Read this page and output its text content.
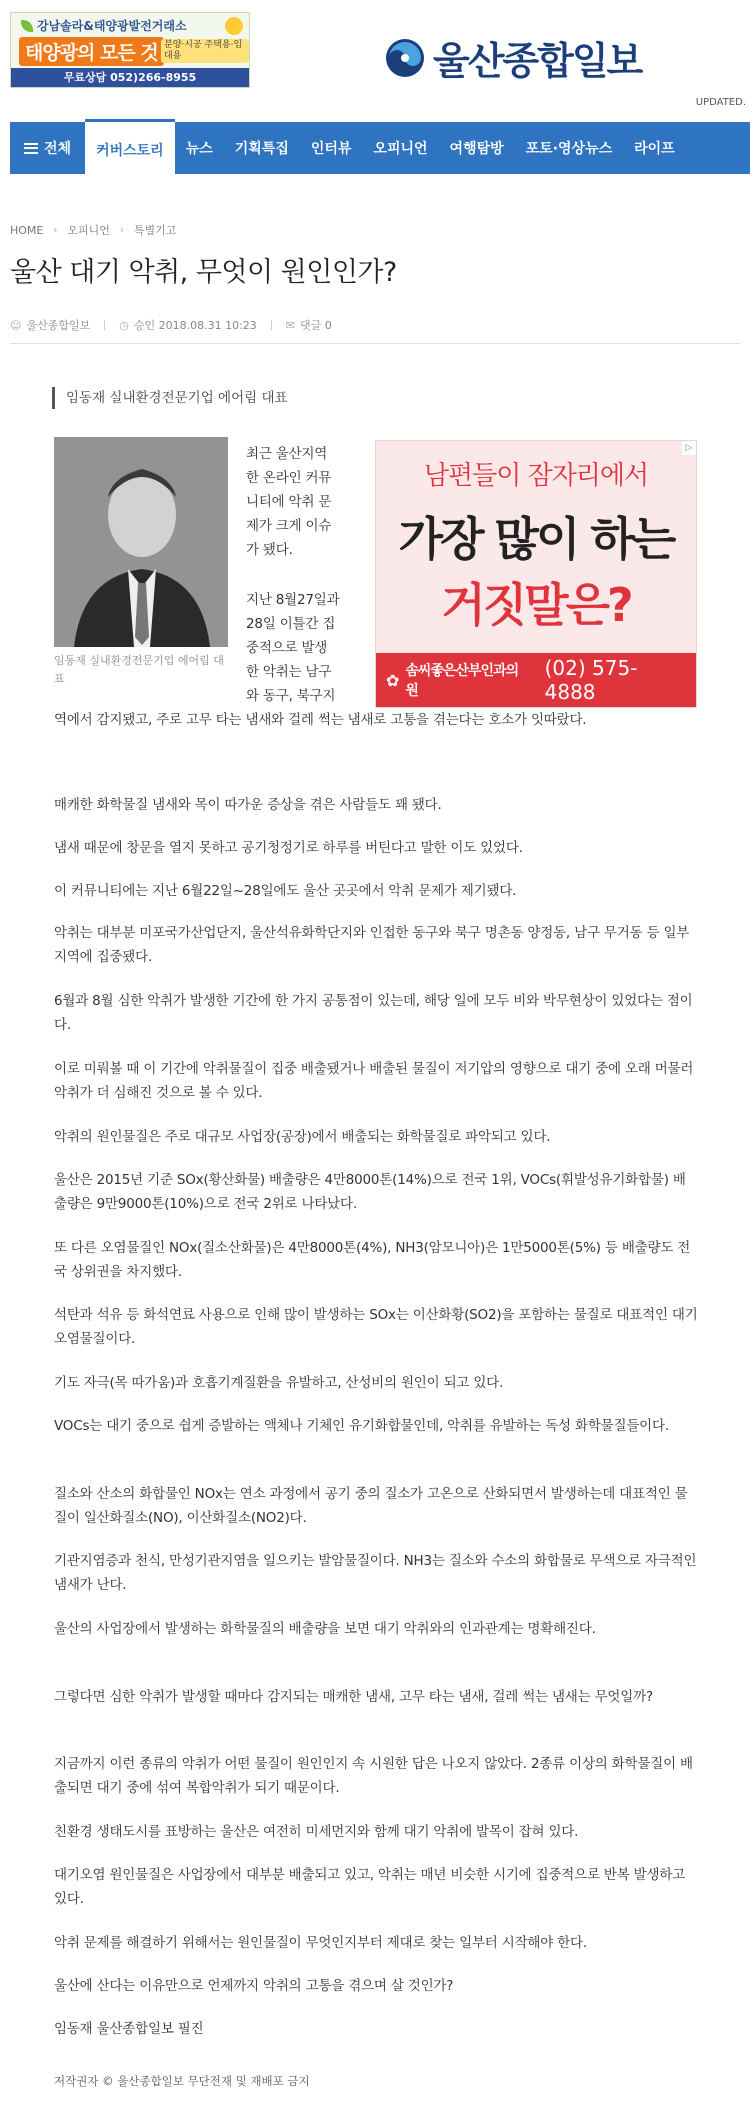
강남솔라&태양광발전거래소
태양광의 모든 것 분양·시공 주택용·임대용
무료상담 052)266-8955	울산종합일보
UPDATED.
전체	커버스토리	뉴스	기획특집	인터뷰	오피니언	여행탐방	포토·영상뉴스	라이프
HOME › 오피니언 › 특별기고
울산 대기 악취, 무엇이 원인인가?
☺ 울산종합일보	◷ 승인 2018.08.31 10:23	✉ 댓글 0
임동재 실내환경전문기업 에어림 대표
임동재 실내환경전문기업 에어림 대표
▷
남편들이 잠자리에서
가장 많이 하는
거짓말은?
✿ 솜씨좋은산부인과의원
(02) 575-4888
최근 울산지역
한 온라인 커뮤
니티에 악취 문
제가 크게 이슈
가 됐다.
지난 8월27일과
28일 이틀간 집
중적으로 발생
한 악취는 남구
와 동구, 북구지
역에서 감지됐고, 주로 고무 타는 냄새와 걸레 썩는 냄새로 고통을 겪는다는 호소가 잇따랐다.
매캐한 화학물질 냄새와 목이 따가운 증상을 겪은 사람들도 꽤 됐다.
냄새 때문에 창문을 열지 못하고 공기청정기로 하루를 버틴다고 말한 이도 있었다.
이 커뮤니티에는 지난 6월22일~28일에도 울산 곳곳에서 악취 문제가 제기됐다.
악취는 대부분 미포국가산업단지, 울산석유화학단지와 인접한 동구와 북구 명촌동 양정동, 남구 무거동 등 일부 지역에 집중됐다.
6월과 8월 심한 악취가 발생한 기간에 한 가지 공통점이 있는데, 해당 일에 모두 비와 박무현상이 있었다는 점이다.
이로 미뤄볼 때 이 기간에 악취물질이 집중 배출됐거나 배출된 물질이 저기압의 영향으로 대기 중에 오래 머물러 악취가 더 심해진 것으로 볼 수 있다.
악취의 원인물질은 주로 대규모 사업장(공장)에서 배출되는 화학물질로 파악되고 있다.
울산은 2015년 기준 SOx(황산화물) 배출량은 4만8000톤(14%)으로 전국 1위, VOCs(휘발성유기화합물) 배출량은 9만9000톤(10%)으로 전국 2위로 나타났다.
또 다른 오염물질인 NOx(질소산화물)은 4만8000톤(4%), NH3(암모니아)은 1만5000톤(5%) 등 배출량도 전국 상위권을 차지했다.
석탄과 석유 등 화석연료 사용으로 인해 많이 발생하는 SOx는 이산화황(SO2)을 포함하는 물질로 대표적인 대기오염물질이다.
기도 자극(목 따가움)과 호흡기계질환을 유발하고, 산성비의 원인이 되고 있다.
VOCs는 대기 중으로 쉽게 증발하는 액체나 기체인 유기화합물인데, 악취를 유발하는 독성 화학물질들이다.
질소와 산소의 화합물인 NOx는 연소 과정에서 공기 중의 질소가 고온으로 산화되면서 발생하는데 대표적인 물질이 일산화질소(NO), 이산화질소(NO2)다.
기관지염증과 천식, 만성기관지염을 일으키는 발암물질이다. NH3는 질소와 수소의 화합물로 무색으로 자극적인 냄새가 난다.
울산의 사업장에서 발생하는 화학물질의 배출량을 보면 대기 악취와의 인과관계는 명확해진다.
그렇다면 심한 악취가 발생할 때마다 감지되는 매캐한 냄새, 고무 타는 냄새, 걸레 썩는 냄새는 무엇일까?
지금까지 이런 종류의 악취가 어떤 물질이 원인인지 속 시원한 답은 나오지 않았다. 2종류 이상의 화학물질이 배출되면 대기 중에 섞여 복합악취가 되기 때문이다.
친환경 생태도시를 표방하는 울산은 여전히 미세먼지와 함께 대기 악취에 발목이 잡혀 있다.
대기오염 원인물질은 사업장에서 대부분 배출되고 있고, 악취는 매년 비슷한 시기에 집중적으로 반복 발생하고 있다.
악취 문제를 해결하기 위해서는 원인물질이 무엇인지부터 제대로 찾는 일부터 시작해야 한다.
울산에 산다는 이유만으로 언제까지 악취의 고통을 겪으며 살 것인가?
임동재 울산종합일보 필진
저작권자 © 울산종합일보 무단전재 및 재배포 금지
